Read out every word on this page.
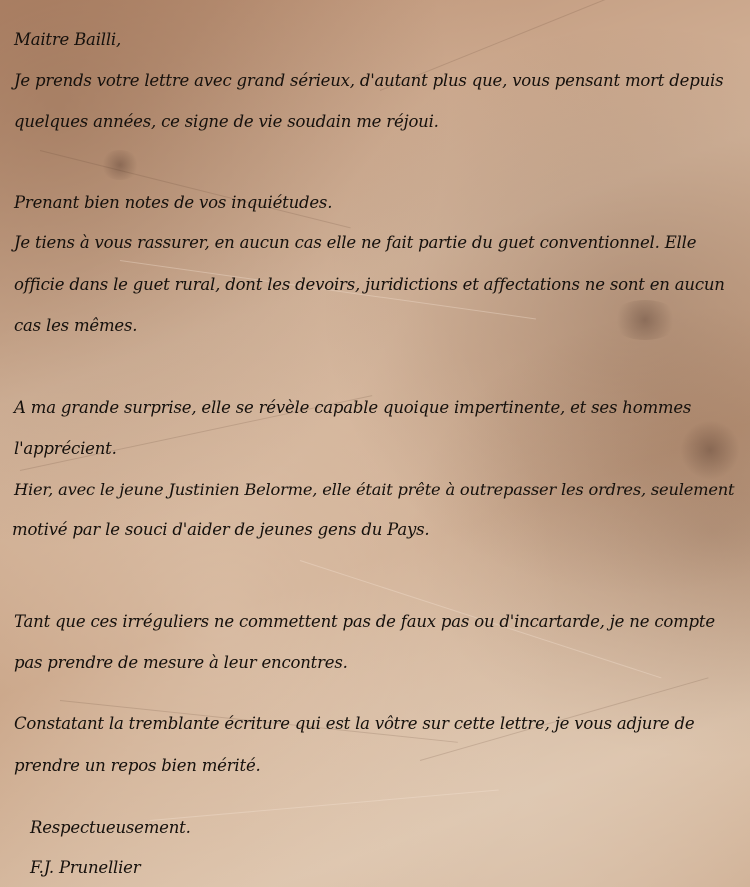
Maitre Bailli,
Je prends votre lettre avec grand sérieux, d'autant plus que, vous pensant mort depuis
quelques années, ce signe de vie soudain me réjoui.
Prenant bien notes de vos inquiétudes.
Je tiens à vous rassurer, en aucun cas elle ne fait partie du guet conventionnel. Elle
officie dans le guet rural, dont les devoirs, juridictions et affectations ne sont en aucun
cas les mêmes.
A ma grande surprise, elle se révèle capable quoique impertinente, et ses hommes
l'apprécient.
Hier, avec le jeune Justinien Belorme, elle était prête à outrepasser les ordres, seulement
motivé par le souci d'aider de jeunes gens du Pays.
Tant que ces irréguliers ne commettent pas de faux pas ou d'incartarde, je ne compte
pas prendre de mesure à leur encontres.
Constatant la tremblante écriture qui est la vôtre sur cette lettre, je vous adjure de
prendre un repos bien mérité.
Respectueusement.
F.J. Prunellier
